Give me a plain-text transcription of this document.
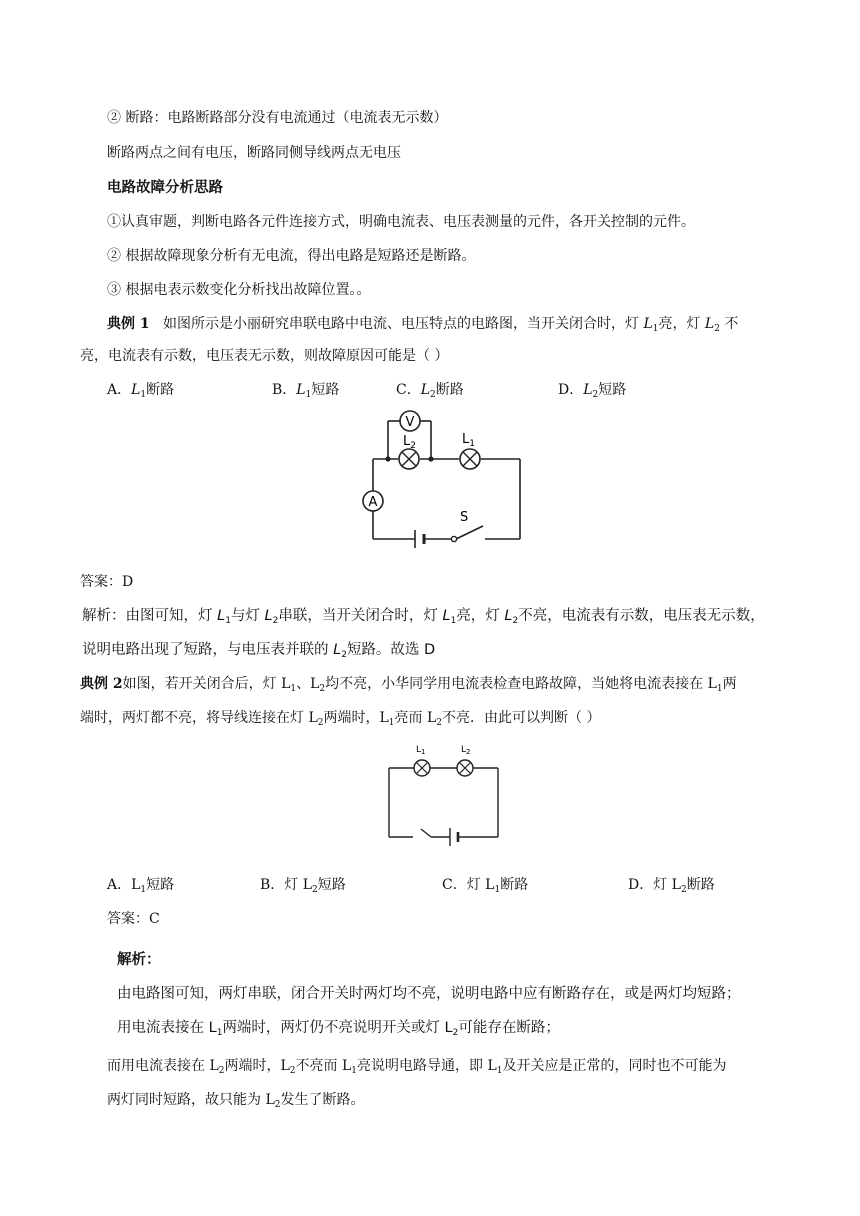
② 断路：电路断路部分没有电流通过（电流表无示数）
断路两点之间有电压，断路同侧导线两点无电压
电路故障分析思路
①认真审题，判断电路各元件连接方式，明确电流表、电压表测量的元件，各开关控制的元件。
② 根据故障现象分析有无电流，得出电路是短路还是断路。
③ 根据电表示数变化分析找出故障位置。。
典例 1 如图所示是小丽研究串联电路中电流、电压特点的电路图，当开关闭合时，灯 $L_1$亮，灯 $L_2$ 不
亮，电流表有示数，电压表无示数，则故障原因可能是（ ）
A．$L_1$断路	B．$L_1$短路	C．$L_2$断路	D．$L_2$短路
V
A
$L_2$	$L_1$
S
答案：D
解析：由图可知，灯 $L_1$与灯 $L_2$串联，当开关闭合时，灯 $L_1$亮，灯 $L_2$不亮，电流表有示数，电压表无示数，
说明电路出现了短路，与电压表并联的 $L_2$短路。故选 D
典例 2如图，若开关闭合后，灯 $L_1$、$L_2$均不亮，小华同学用电流表检查电路故障，当她将电流表接在 $L_1$两
端时，两灯都不亮，将导线连接在灯 $L_2$两端时，$L_1$亮而 $L_2$不亮．由此可以判断（ ）
$L_1$	$L_2$
A．$L_1$短路	B．灯 $L_2$短路	C．灯 $L_1$断路	D．灯 $L_2$断路
答案：C
解析：
由电路图可知，两灯串联，闭合开关时两灯均不亮，说明电路中应有断路存在，或是两灯均短路；
用电流表接在 $L_1$两端时，两灯仍不亮说明开关或灯 $L_2$可能存在断路；
而用电流表接在 $L_2$两端时，$L_2$不亮而 $L_1$亮说明电路导通，即 $L_1$及开关应是正常的，同时也不可能为
两灯同时短路，故只能为 $L_2$发生了断路。
